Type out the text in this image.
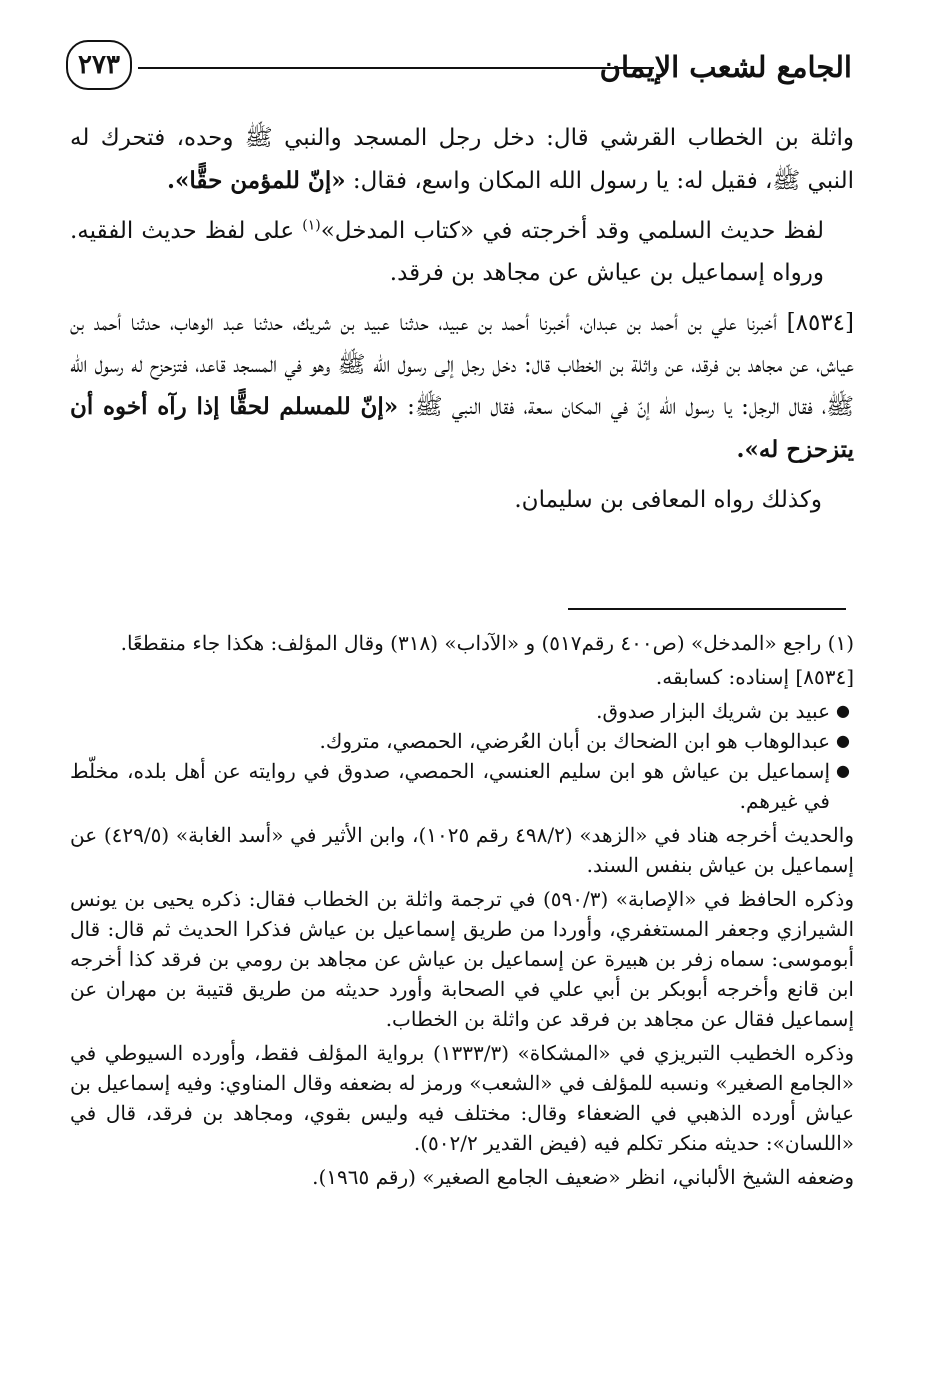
الجامع لشعب الإيمان
٢٧٣

واثلة بن الخطاب القرشي قال: دخل رجل المسجد والنبي ﷺ وحده، فتحرك له النبي ﷺ، فقيل له: يا رسول الله المكان واسع، فقال: «إنّ للمؤمن حقًّا».

لفظ حديث السلمي وقد أخرجته في «كتاب المدخل»$^{(١)}$ على لفظ حديث الفقيه. ورواه إسماعيل بن عياش عن مجاهد بن فرقد.

[٨٥٣٤] أخبرنا علي بن أحمد بن عبدان، أخبرنا أحمد بن عبيد، حدثنا عبيد بن شريك، حدثنا عبد الوهاب، حدثنا أحمد بن عياش، عن مجاهد بن فرقد، عن واثلة بن الخطاب قال: دخل رجل إلى رسول الله ﷺ وهو في المسجد قاعد، فتزحزح له رسول الله ﷺ، فقال الرجل: يا رسول الله إنّ في المكان سعة، فقال النبي ﷺ: «إنّ للمسلم لحقًّا إذا رآه أخوه أن يتزحزح له».

وكذلك رواه المعافى بن سليمان.

(١) راجع «المدخل» (ص٤٠٠ رقم٥١٧) و «الآداب» (٣١٨) وقال المؤلف: هكذا جاء منقطعًا.

[٨٥٣٤] إسناده: كسابقه.

●
عبيد بن شريك البزار صدوق.
●
عبدالوهاب هو ابن الضحاك بن أبان العُرضي، الحمصي، متروك.
●
إسماعيل بن عياش هو ابن سليم العنسي، الحمصي، صدوق في روايته عن أهل بلده، مخلّط في غيرهم.

والحديث أخرجه هناد في «الزهد» (٤٩٨/٢ رقم ١٠٢٥)، وابن الأثير في «أسد الغابة» (٤٢٩/٥) عن إسماعيل بن عياش بنفس السند.

وذكره الحافظ في «الإصابة» (٥٩٠/٣) في ترجمة واثلة بن الخطاب فقال: ذكره يحيى بن يونس الشيرازي وجعفر المستغفري، وأوردا من طريق إسماعيل بن عياش فذكرا الحديث ثم قال: قال أبوموسى: سماه زفر بن هبيرة عن إسماعيل بن عياش عن مجاهد بن رومي بن فرقد كذا أخرجه ابن قانع وأخرجه أبوبكر بن أبي علي في الصحابة وأورد حديثه من طريق قتيبة بن مهران عن إسماعيل فقال عن مجاهد بن فرقد عن واثلة بن الخطاب.

وذكره الخطيب التبريزي في «المشكاة» (١٣٣٣/٣) برواية المؤلف فقط، وأورده السيوطي في «الجامع الصغير» ونسبه للمؤلف في «الشعب» ورمز له بضعفه وقال المناوي: وفيه إسماعيل بن عياش أورده الذهبي في الضعفاء وقال: مختلف فيه وليس بقوي، ومجاهد بن فرقد، قال في «اللسان»: حديثه منكر تكلم فيه (فيض القدير ٥٠٢/٢).

وضعفه الشيخ الألباني، انظر «ضعيف الجامع الصغير» (رقم ١٩٦٥).
